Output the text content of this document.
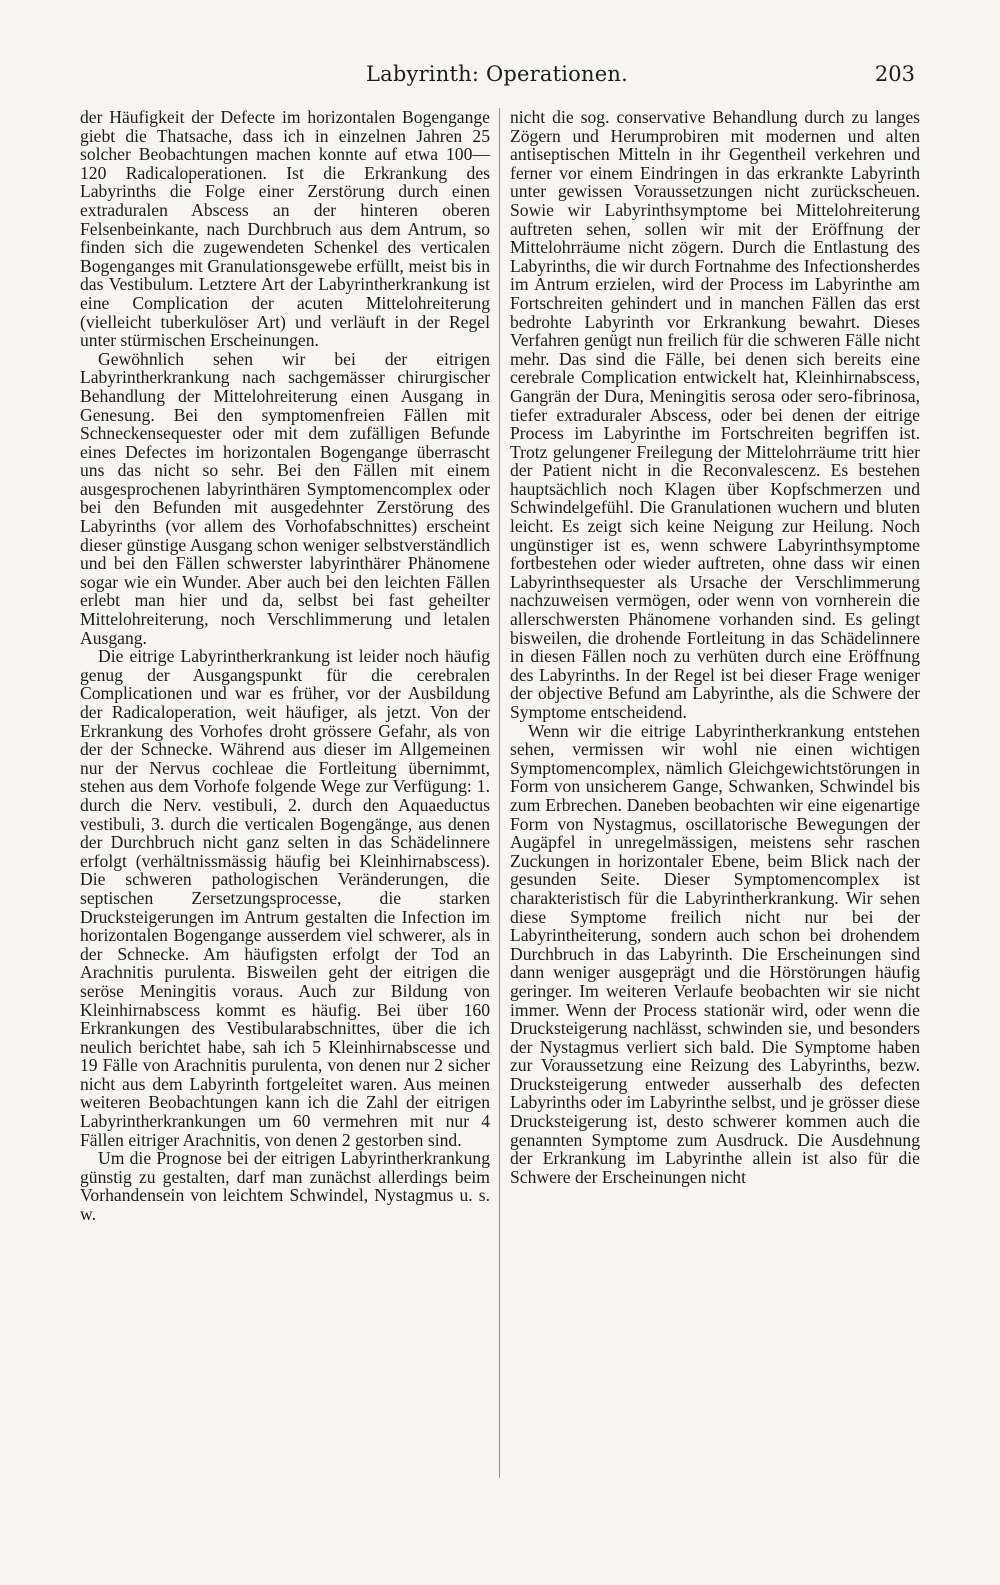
Labyrinth: Operationen.	203

der Häufigkeit der Defecte im horizontalen Bogengange giebt die Thatsache, dass ich in einzelnen Jahren 25 solcher Beobachtungen machen konnte auf etwa 100—120 Radicaloperationen. Ist die Erkrankung des Labyrinths die Folge einer Zerstörung durch einen extraduralen Abscess an der hinteren oberen Felsenbeinkante, nach Durchbruch aus dem Antrum, so finden sich die zugewendeten Schenkel des verticalen Bogenganges mit Granulationsgewebe erfüllt, meist bis in das Vestibulum. Letztere Art der Labyrintherkrankung ist eine Complication der acuten Mittelohreiterung (vielleicht tuberkulöser Art) und verläuft in der Regel unter stürmischen Erscheinungen.

Gewöhnlich sehen wir bei der eitrigen Labyrintherkrankung nach sachgemässer chirurgischer Behandlung der Mittelohreiterung einen Ausgang in Genesung. Bei den symptomenfreien Fällen mit Schneckensequester oder mit dem zufälligen Befunde eines Defectes im horizontalen Bogengange überrascht uns das nicht so sehr. Bei den Fällen mit einem ausgesprochenen labyrinthären Symptomencomplex oder bei den Befunden mit ausgedehnter Zerstörung des Labyrinths (vor allem des Vorhofabschnittes) erscheint dieser günstige Ausgang schon weniger selbstverständlich und bei den Fällen schwerster labyrinthärer Phänomene sogar wie ein Wunder. Aber auch bei den leichten Fällen erlebt man hier und da, selbst bei fast geheilter Mittelohreiterung, noch Verschlimmerung und letalen Ausgang.

Die eitrige Labyrintherkrankung ist leider noch häufig genug der Ausgangspunkt für die cerebralen Complicationen und war es früher, vor der Ausbildung der Radicaloperation, weit häufiger, als jetzt. Von der Erkrankung des Vorhofes droht grössere Gefahr, als von der der Schnecke. Während aus dieser im Allgemeinen nur der Nervus cochleae die Fortleitung übernimmt, stehen aus dem Vorhofe folgende Wege zur Verfügung: 1. durch die Nerv. vestibuli, 2. durch den Aquaeductus vestibuli, 3. durch die verticalen Bogengänge, aus denen der Durchbruch nicht ganz selten in das Schädelinnere erfolgt (verhältnissmässig häufig bei Kleinhirnabscess). Die schweren pathologischen Veränderungen, die septischen Zersetzungsprocesse, die starken Drucksteigerungen im Antrum gestalten die Infection im horizontalen Bogengange ausserdem viel schwerer, als in der Schnecke. Am häufigsten erfolgt der Tod an Arachnitis purulenta. Bisweilen geht der eitrigen die seröse Meningitis voraus. Auch zur Bildung von Kleinhirnabscess kommt es häufig. Bei über 160 Erkrankungen des Vestibularabschnittes, über die ich neulich berichtet habe, sah ich 5 Kleinhirnabscesse und 19 Fälle von Arachnitis purulenta, von denen nur 2 sicher nicht aus dem Labyrinth fortgeleitet waren. Aus meinen weiteren Beobachtungen kann ich die Zahl der eitrigen Labyrintherkrankungen um 60 vermehren mit nur 4 Fällen eitriger Arachnitis, von denen 2 gestorben sind.

Um die Prognose bei der eitrigen Labyrintherkrankung günstig zu gestalten, darf man zunächst allerdings beim Vorhandensein von leichtem Schwindel, Nystagmus u. s. w.

nicht die sog. conservative Behandlung durch zu langes Zögern und Herumprobiren mit modernen und alten antiseptischen Mitteln in ihr Gegentheil verkehren und ferner vor einem Eindringen in das erkrankte Labyrinth unter gewissen Voraussetzungen nicht zurückscheuen. Sowie wir Labyrinthsymptome bei Mittelohreiterung auftreten sehen, sollen wir mit der Eröffnung der Mittelohrräume nicht zögern. Durch die Entlastung des Labyrinths, die wir durch Fortnahme des Infectionsherdes im Antrum erzielen, wird der Process im Labyrinthe am Fortschreiten gehindert und in manchen Fällen das erst bedrohte Labyrinth vor Erkrankung bewahrt. Dieses Verfahren genügt nun freilich für die schweren Fälle nicht mehr. Das sind die Fälle, bei denen sich bereits eine cerebrale Complication entwickelt hat, Kleinhirnabscess, Gangrän der Dura, Meningitis serosa oder sero-fibrinosa, tiefer extraduraler Abscess, oder bei denen der eitrige Process im Labyrinthe im Fortschreiten begriffen ist. Trotz gelungener Freilegung der Mittelohrräume tritt hier der Patient nicht in die Reconvalescenz. Es bestehen hauptsächlich noch Klagen über Kopfschmerzen und Schwindelgefühl. Die Granulationen wuchern und bluten leicht. Es zeigt sich keine Neigung zur Heilung. Noch ungünstiger ist es, wenn schwere Labyrinthsymptome fortbestehen oder wieder auftreten, ohne dass wir einen Labyrinthsequester als Ursache der Verschlimmerung nachzuweisen vermögen, oder wenn von vornherein die allerschwersten Phänomene vorhanden sind. Es gelingt bisweilen, die drohende Fortleitung in das Schädelinnere in diesen Fällen noch zu verhüten durch eine Eröffnung des Labyrinths. In der Regel ist bei dieser Frage weniger der objective Befund am Labyrinthe, als die Schwere der Symptome entscheidend.

Wenn wir die eitrige Labyrintherkrankung entstehen sehen, vermissen wir wohl nie einen wichtigen Symptomencomplex, nämlich Gleichgewichtstörungen in Form von unsicherem Gange, Schwanken, Schwindel bis zum Erbrechen. Daneben beobachten wir eine eigenartige Form von Nystagmus, oscillatorische Bewegungen der Augäpfel in unregelmässigen, meistens sehr raschen Zuckungen in horizontaler Ebene, beim Blick nach der gesunden Seite. Dieser Symptomencomplex ist charakteristisch für die Labyrintherkrankung. Wir sehen diese Symptome freilich nicht nur bei der Labyrintheiterung, sondern auch schon bei drohendem Durchbruch in das Labyrinth. Die Erscheinungen sind dann weniger ausgeprägt und die Hörstörungen häufig geringer. Im weiteren Verlaufe beobachten wir sie nicht immer. Wenn der Process stationär wird, oder wenn die Drucksteigerung nachlässt, schwinden sie, und besonders der Nystagmus verliert sich bald. Die Symptome haben zur Voraussetzung eine Reizung des Labyrinths, bezw. Drucksteigerung entweder ausserhalb des defecten Labyrinths oder im Labyrinthe selbst, und je grösser diese Drucksteigerung ist, desto schwerer kommen auch die genannten Symptome zum Ausdruck. Die Ausdehnung der Erkrankung im Labyrinthe allein ist also für die Schwere der Erscheinungen nicht
